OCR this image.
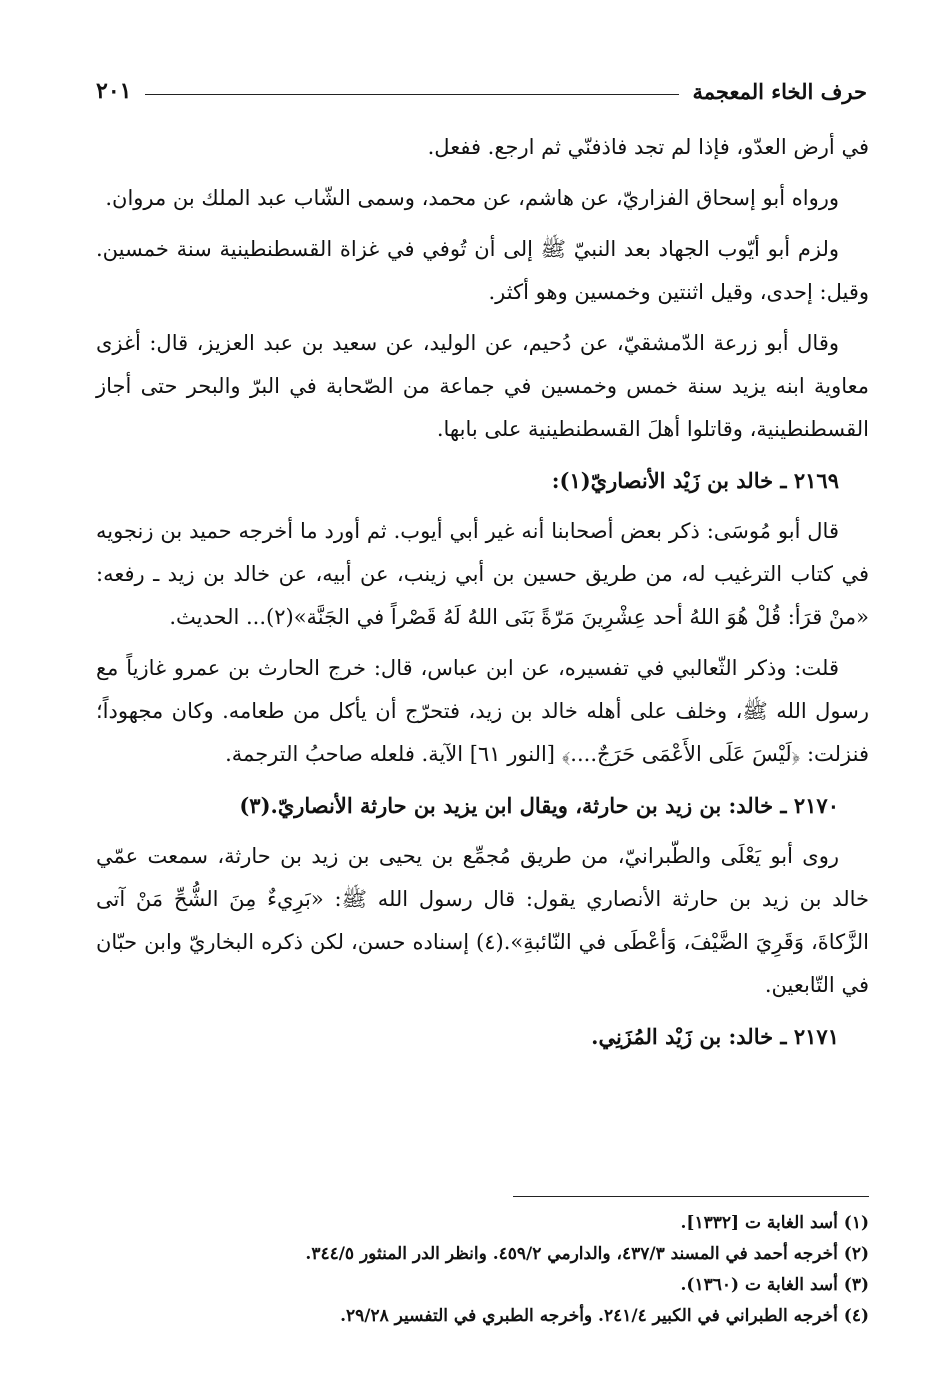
حرف الخاء المعجمة
٢٠١

في أرض العدّو، فإذا لم تجد فاذفنّي ثم ارجع. ففعل.

ورواه أبو إسحاق الفزاريّ، عن هاشم، عن محمد، وسمى الشّاب عبد الملك بن مروان.

ولزم أبو أيّوب الجهاد بعد النبيّ ﷺ إلى أن تُوفي في غزاة القسطنطينية سنة خمسين. وقيل: إحدى، وقيل اثنتين وخمسين وهو أكثر.

وقال أبو زرعة الدّمشقيّ، عن دُحيم، عن الوليد، عن سعيد بن عبد العزيز، قال: أغزى معاوية ابنه يزيد سنة خمس وخمسين في جماعة من الصّحابة في البرّ والبحر حتى أجاز القسطنطينية، وقاتلوا أهلَ القسطنطينية على بابها.

٢١٦٩ ـ خالد بن زَيْد الأنصاريّ(١):

قال أبو مُوسَى: ذكر بعض أصحابنا أنه غير أبي أيوب. ثم أورد ما أخرجه حميد بن زنجويه في كتاب الترغيب له، من طريق حسين بن أبي زينب، عن أبيه، عن خالد بن زيد ـ رفعه: «منْ قرَأ: قُلْ هُوَ اللهُ أحد عِشْرِينَ مَرّةً بَنَى اللهُ لَهُ قَصْراً في الجَنَّة»(٢)... الحديث.

قلت: وذكر الثّعالبي في تفسيره، عن ابن عباس، قال: خرج الحارث بن عمرو غازياً مع رسول الله ﷺ، وخلف على أهله خالد بن زيد، فتحرّج أن يأكل من طعامه. وكان مجهوداً؛ فنزلت: ﴿لَيْسَ عَلَى الأَعْمَى حَرَجٌ....﴾ [النور ٦١] الآية. فلعله صاحبُ الترجمة.

٢١٧٠ ـ خالد: بن زيد بن حارثة، ويقال ابن يزيد بن حارثة الأنصاريّ.(٣)

روى أبو يَعْلَى والطّبرانيّ، من طريق مُجمِّع بن يحيى بن زيد بن حارثة، سمعت عمّي خالد بن زيد بن حارثة الأنصاري يقول: قال رسول الله ﷺ: «بَرِيءٌ مِنَ الشُّحِّ مَنْ آتى الزَّكاةَ، وَقَرِيَ الضَّيْفَ، وَأعْطَى في النّائبةِ».(٤) إسناده حسن، لكن ذكره البخاريّ وابن حبّان في التّابعين.

٢١٧١ ـ خالد: بن زَيْد المُزَنِي.

(١) أسد الغابة ت [١٣٣٢].

(٢) أخرجه أحمد في المسند ٤٣٧/٣، والدارمي ٤٥٩/٢. وانظر الدر المنثور ٣٤٤/٥.

(٣) أسد الغابة ت (١٣٦٠).

(٤) أخرجه الطبراني في الكبير ٢٤١/٤. وأخرجه الطبري في التفسير ٢٩/٢٨.
